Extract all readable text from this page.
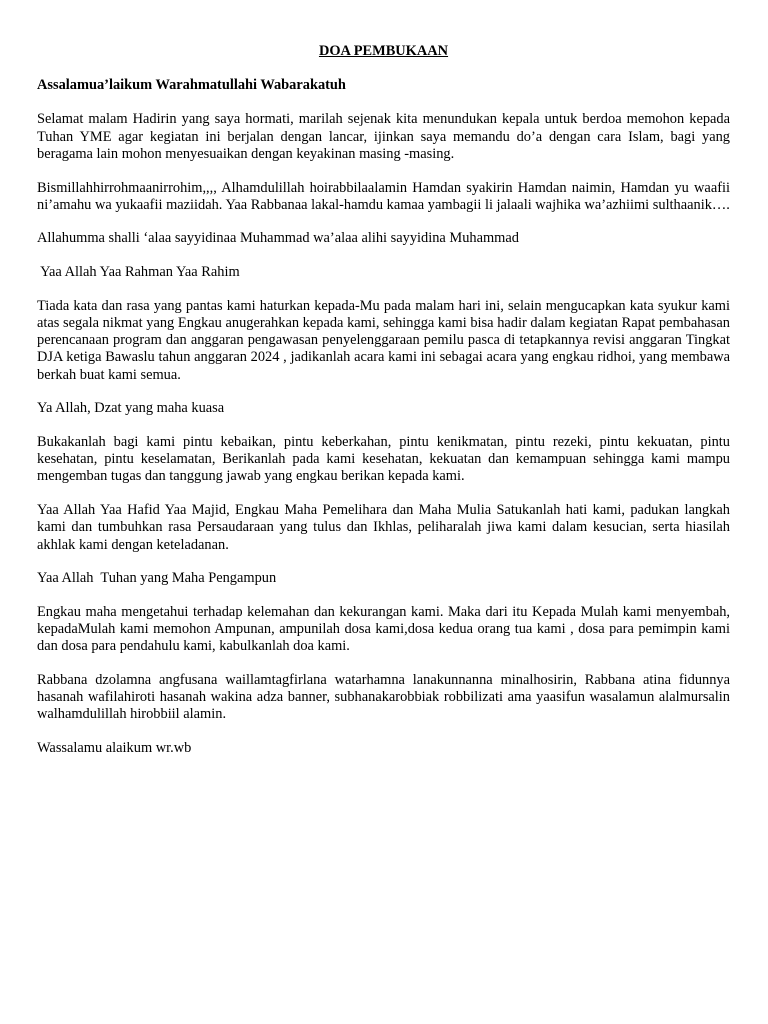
DOA PEMBUKAAN
Assalamua’laikum Warahmatullahi Wabarakatuh
Selamat malam Hadirin yang saya hormati, marilah sejenak kita menundukan kepala untuk berdoa memohon kepada Tuhan YME agar kegiatan ini berjalan dengan lancar, ijinkan saya memandu do’a dengan cara Islam, bagi yang beragama lain mohon menyesuaikan dengan keyakinan masing -masing.
Bismillahhirrohmaanirrohim,,,, Alhamdulillah hoirabbilaalamin Hamdan syakirin Hamdan naimin, Hamdan yu waafii ni’amahu wa yukaafii maziidah. Yaa Rabbanaa lakal-hamdu kamaa yambagii li jalaali wajhika wa’azhiimi sulthaanik….
Allahumma shalli ‘alaa sayyidinaa Muhammad wa’alaa alihi sayyidina Muhammad
Yaa Allah Yaa Rahman Yaa Rahim
Tiada kata dan rasa yang pantas kami haturkan kepada-Mu pada malam hari ini, selain mengucapkan kata syukur kami atas segala nikmat yang Engkau anugerahkan kepada kami, sehingga kami bisa hadir dalam kegiatan Rapat pembahasan perencanaan program dan anggaran pengawasan penyelenggaraan pemilu pasca di tetapkannya revisi anggaran Tingkat DJA ketiga Bawaslu tahun anggaran 2024 , jadikanlah acara kami ini sebagai acara yang engkau ridhoi, yang membawa berkah buat kami semua.
Ya Allah, Dzat yang maha kuasa
Bukakanlah bagi kami pintu kebaikan, pintu keberkahan, pintu kenikmatan, pintu rezeki, pintu kekuatan, pintu kesehatan, pintu keselamatan, Berikanlah pada kami kesehatan, kekuatan dan kemampuan sehingga kami mampu mengemban tugas dan tanggung jawab yang engkau berikan kepada kami.
Yaa Allah Yaa Hafid Yaa Majid, Engkau Maha Pemelihara dan Maha Mulia Satukanlah hati kami, padukan langkah kami dan tumbuhkan rasa Persaudaraan yang tulus dan Ikhlas, peliharalah jiwa kami dalam kesucian, serta hiasilah akhlak kami dengan keteladanan.
Yaa Allah  Tuhan yang Maha Pengampun
Engkau maha mengetahui terhadap kelemahan dan kekurangan kami. Maka dari itu Kepada Mulah kami menyembah, kepadaMulah kami memohon Ampunan, ampunilah dosa kami,dosa kedua orang tua kami , dosa para pemimpin kami dan dosa para pendahulu kami, kabulkanlah doa kami.
Rabbana dzolamna angfusana waillamtagfirlana watarhamna lanakunnanna minalhosirin, Rabbana atina fidunnya hasanah wafilahiroti hasanah wakina adza banner, subhanakarobbiak robbilizati ama yaasifun wasalamun alalmursalin walhamdulillah hirobbiil alamin.
Wassalamu alaikum wr.wb
